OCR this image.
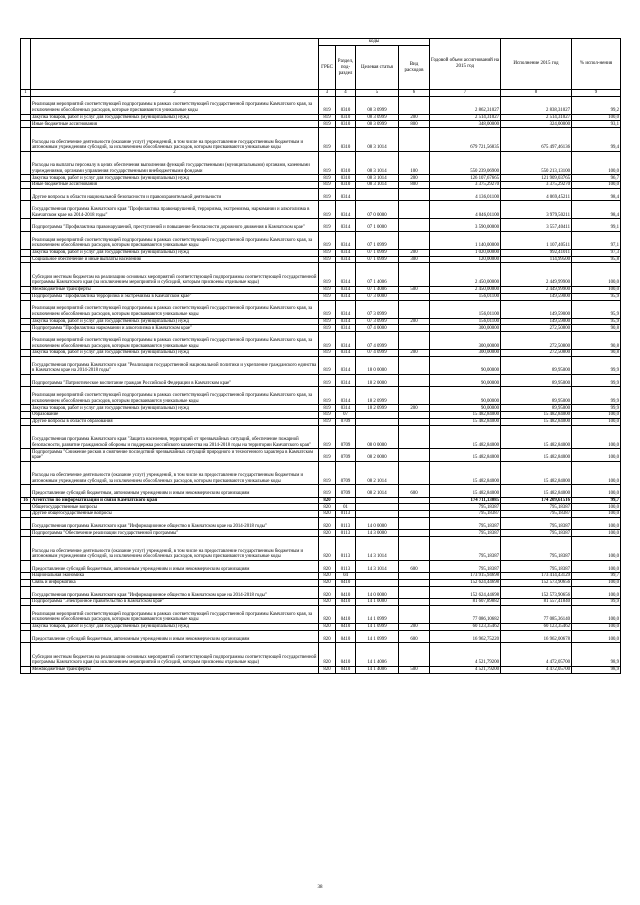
		коды				Годовой объем ассигнований на 2015 год	Исполнение 2015 год	% испол-нения
		ГРБС	Раздел, под-раздел	Целевая статья	Вид расходов			
1	2	3	4	5	6	7	8	9
	Реализация мероприятий соответствующей подпрограммы в рамках соответствующей государственной программы Камчатского края, за исключением обособленных расходов, которые присваиваются уникальные коды	819	0310	08 3 0999		2 862,31027	2 838,31027	99,2
	Закупка товаров, работ и услуг для государственных (муниципальных) нужд	819	0310	08 3 0999	200	2 514,31027	2 514,31027	100,0
	Иные бюджетные ассигнования	819	0310	08 3 0999	800	348,00000	324,00000	93,1
	Расходы на обеспечение деятельности (оказание услуг) учреждений, в том числе на предоставление государственным бюджетным и автономным учреждениям субсидий, за исключением обособленных расходов, которым присваиваются уникальные коды	819	0310	08 3 1014		679 721,56835	675 497,46136	99,4
	Расходы на выплаты персоналу в целях обеспечения выполнения функций государственными (муниципальными) органами, казенными учреждениями, органами управления государственными внебюджетными фондами	819	0310	08 3 1014	100	550 239,06900	550 213,13100	100,0
	Закупка товаров, работ и услуг для государственных (муниципальных) нужд	819	0310	08 3 1014	200	126 107,67665	121 909,03765	96,7
	Иные бюджетные ассигнования	819	0310	08 3 1014	800	3 375,29270	3 375,29270	100,0
	Другие вопросы в области национальной безопасности и правоохранительной деятельности	819	0314			4 136,01100	4 069,45211	98,4
	Государственная программа Камчатского края "Профилактика правонарушений, терроризма, экстремизма, наркомании и алкоголизма в Камчатском крае на 2014-2018 годы"	819	0314	07 0 0000		4 046,01100	3 979,50211	98,4
	Подпрограмма "Профилактика правонарушений, преступлений и повышение безопасности дорожного движения в Камчатском крае"	819	0314	07 1 0000		3 590,00000	3 557,40411	99,1
	Реализация мероприятий соответствующей подпрограммы в рамках соответствующей государственной программы Камчатского края, за исключением обособленных расходов, которым присваиваются уникальные коды	819	0314	07 1 0999		1 140,00000	1 107,40511	97,1
	Закупка товаров, работ и услуг для государственных (муниципальных) нужд	819	0314	07 1 0999	200	1 020,00000	992,41011	97,3
	Социальное обеспечение и иные выплаты населению	819	0314	07 1 0999	300	120,00000	114,99500	95,8
	Субсидии местным бюджетам на реализацию основных мероприятий соответствующей подпрограммы соответствующей государственной программы Камчатского края (за исключением мероприятий и субсидий, которым присвоены отдельные коды)	819	0314	07 1 4006		2 450,00000	2 449,99900	100,0
	Межбюджетные трансферты	819	0314	07 1 4006	500	2 450,00000	2 449,99900	100,0
	Подпрограмма "Профилактика терроризма и экстремизма в Камчатском крае"	819	0314	07 3 0000		156,01100	149,59000	95,9
	Реализация мероприятий соответствующей подпрограммы в рамках соответствующей государственной программы Камчатского края, за исключением обособленных расходов, которым присваиваются уникальные коды	819	0314	07 3 0999		156,01100	149,59000	95,9
	Закупка товаров, работ и услуг для государственных (муниципальных) нужд	819	0314	07 3 0999	200	156,01100	149,59000	95,9
	Подпрограмма "Профилактика наркомании и алкоголизма в Камчатском крае"	819	0314	07 4 0000		300,00000	272,50800	90,8
	Реализация мероприятий соответствующей подпрограммы в рамках соответствующей государственной программы Камчатского края, за исключением обособленных расходов, которым присваиваются уникальные коды	819	0314	07 4 0999		300,00000	272,50800	90,8
	Закупка товаров, работ и услуг для государственных (муниципальных) нужд	819	0314	07 4 0999	200	300,00000	272,50800	90,8
	Государственная программа Камчатского края "Реализация государственной национальной политики и укрепление гражданского единства в Камчатском крае на 2014-2018 годы"	819	0314	18 0 0000		90,00000	89,95000	99,9
	Подпрограмма "Патриотическое воспитание граждан Российской Федерации в Камчатском крае"	819	0314	18 2 0000		90,00000	89,95000	99,9
	Реализация мероприятий соответствующей подпрограммы в рамках соответствующей государственной программы Камчатского края, за исключением обособленных расходов, которым присваиваются уникальные коды	819	0314	18 2 0999		90,00000	89,95000	99,9
	Закупка товаров, работ и услуг для государственных (муниципальных) нужд	819	0314	18 2 0999	200	90,00000	89,95000	99,9
	Образование	819	07			15 482,84000	15 482,84000	100,0
	Другие вопросы в области образования	819	0709			15 482,84000	15 482,84000	100,0
	Государственная программа Камчатского края "Защита населения, территорий от чрезвычайных ситуаций, обеспечение пожарной безопасности, развитие гражданской обороны и поддержка российского казачества на 2014-2018 годы на территории Камчатского края"	819	0709	08 0 0000		15 482,84000	15 482,84000	100,0
	Подпрограмма "Снижение рисков и смягчение последствий чрезвычайных ситуаций природного и техногенного характера в Камчатском крае"	819	0709	08 2 0000		15 482,84000	15 482,84000	100,0
	Расходы на обеспечение деятельности (оказание услуг) учреждений, в том числе на предоставление государственным бюджетным и автономным учреждениям субсидий, за исключением обособленных расходов, которым присваиваются уникальные коды	819	0709	08 2 1014		15 482,84000	15 482,84000	100,0
	Предоставление субсидий бюджетным, автономным учреждениям и иным некоммерческим организациям	819	0709	08 2 1014	600	15 482,84000	15 482,84000	100,0
16	Агентство по информатизации и связи Камчатского края	820				174 711,13085	174 209,61516	99,7
	Общегосударственные вопросы	820	01			795,18387	795,18387	100,0
	Другие общегосударственные вопросы	820	0113			795,18387	795,18387	100,0
	Государственная программа Камчатского края "Информационное общество в Камчатском крае на 2014-2018 годы"	820	0113	14 0 0000		795,18387	795,18387	100,0
	Подпрограмма "Обеспечение реализации государственной программы"	820	0113	14 3 0000		795,18387	795,18387	100,0
	Расходы на обеспечение деятельности (оказание услуг) учреждений, в том числе на предоставление государственным бюджетным и автономным учреждениям субсидий, за исключением обособленных расходов, которым присваиваются уникальные коды	820	0113	14 3 1014		795,18387	795,18387	100,0
	Предоставление субсидий бюджетным, автономным учреждениям и иным некоммерческим организациям	820	0113	14 3 1014	600	795,18387	795,18387	100,0
	Национальная экономика	820	04			173 915,94698	173 414,43129	99,7
	Связь и информатика	820	0410			152 624,44698	152 573,90656	100,0
	Государственная программа Камчатского края "Информационное общество в Камчатском крае на 2014-2018 годы"	820	0410	14 0 0000		152 624,44698	152 573,90656	100,0
	Подпрограмма "Электронное правительство в Камчатском крае"	820	0410	14 1 0000		81 607,89882	81 557,41840	99,9
	Реализация мероприятий соответствующей подпрограммы в рамках соответствующей государственной программы Камчатского края, за исключением обособленных расходов, которым присваиваются уникальные коды	820	0410	14 1 0999		77 086,10682	77 085,36140	100,0
	Закупка товаров, работ и услуг для государственных (муниципальных) нужд	820	0410	14 1 0999	200	60 123,35462	60 123,35462	100,0
	Предоставление субсидий бюджетным, автономным учреждениям и иным некоммерческим организациям	820	0410	14 1 0999	600	16 962,75220	16 962,00678	100,0
	Субсидии местным бюджетам на реализацию основных мероприятий соответствующей подпрограммы соответствующей государственной программы Камчатского края (за исключением мероприятий и субсидий, которым присвоены отдельные коды)	820	0410	14 1 4006		4 521,79200	4 472,05700	98,9
	Межбюджетные трансферты	820	0410	14 1 4006	500	4 521,79200	4 472,05700	98,9
38
